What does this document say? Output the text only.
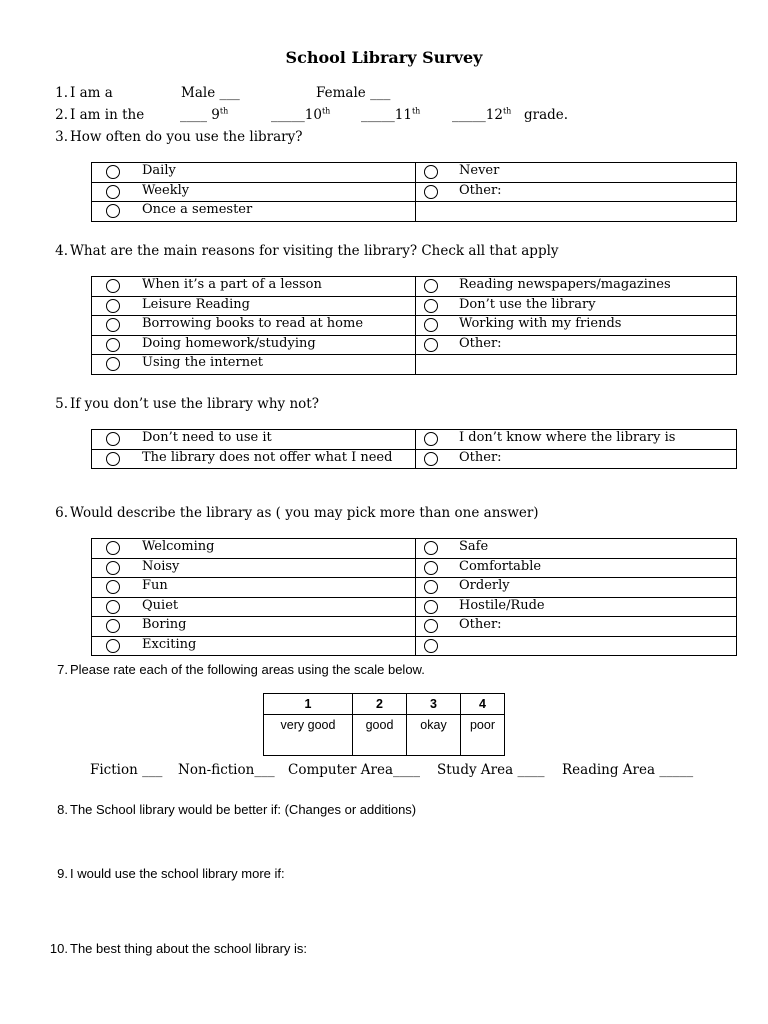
School Library Survey
1. I am a	Male ___	Female ___
2. I am in the	____ 9th	_____10th _____11th _____12th grade.
3. How often do you use the library?
Daily	Never

Weekly	Other:

Once a semester	

4. What are the main reasons for visiting the library? Check all that apply
When it’s a part of a lesson	Reading newspapers/magazines

Leisure Reading	Don’t use the library

Borrowing books to read at home	Working with my friends

Doing homework/studying	Other:

Using the internet	

5. If you don’t use the library why not?
Don’t need to use it	I don’t know where the library is

The library does not offer what I need	Other:
6. Would describe the library as ( you may pick more than one answer)
Welcoming	Safe

Noisy	Comfortable

Fun	Orderly

Quiet	Hostile/Rude

Boring	Other:

Exciting	

7. Please rate each of the following areas using the scale below.
1	2	3	4
very good	good	okay	poor
Fiction ___ Non-fiction___ Computer Area____ Study Area ____ Reading Area _____
8. The School library would be better if: (Changes or additions)
9. I would use the school library more if:
10. The best thing about the school library is:
